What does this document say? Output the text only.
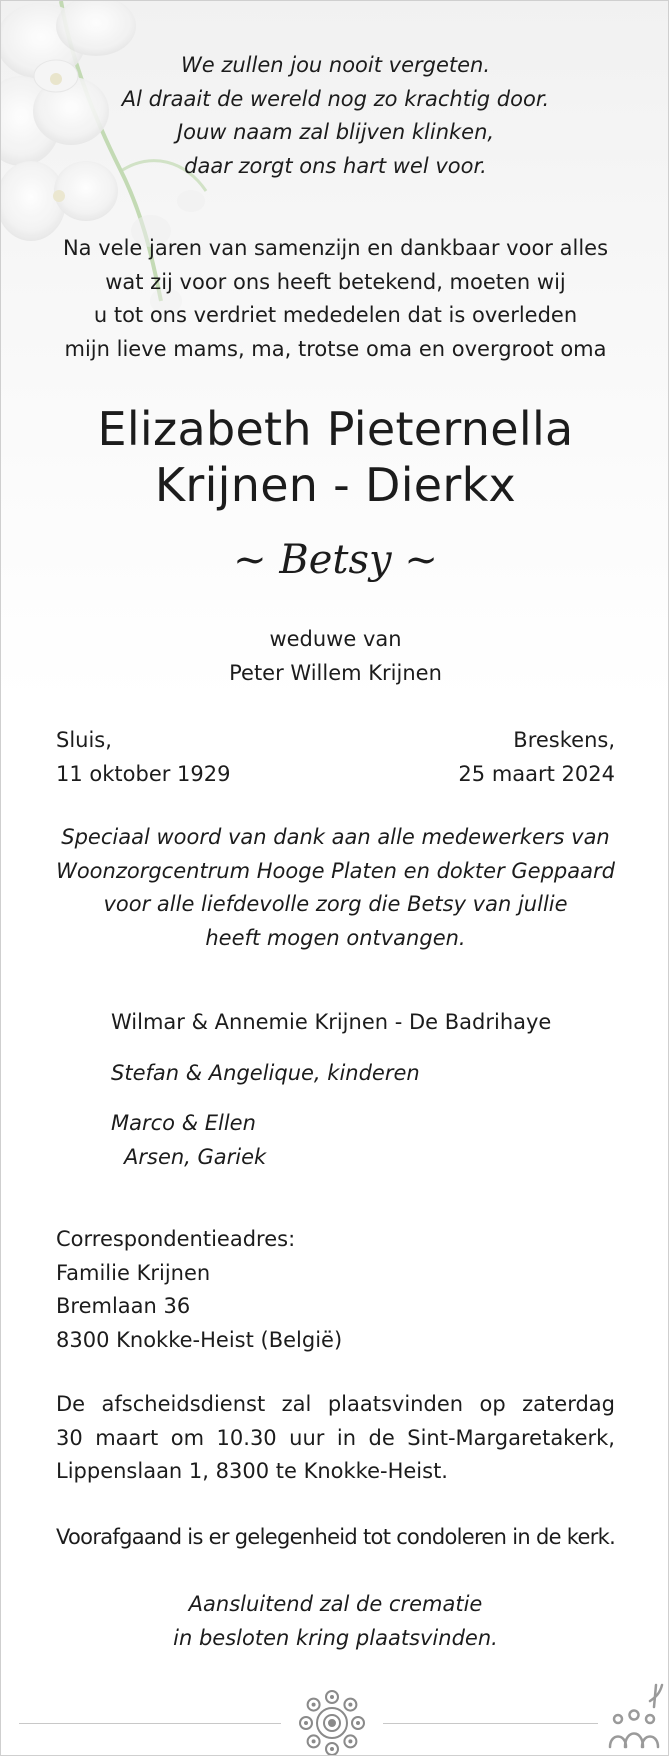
We zullen jou nooit vergeten.
Al draait de wereld nog zo krachtig door.
Jouw naam zal blijven klinken,
daar zorgt ons hart wel voor.
Na vele jaren van samenzijn en dankbaar voor alles
wat zij voor ons heeft betekend, moeten wij
u tot ons verdriet mededelen dat is overleden
mijn lieve mams, ma, trotse oma en overgroot oma
Elizabeth Pieternella
Krijnen - Dierkx
~ Betsy ~
weduwe van
Peter Willem Krijnen
Sluis,
11 oktober 1929
Breskens,
25 maart 2024
Speciaal woord van dank aan alle medewerkers van
Woonzorgcentrum Hooge Platen en dokter Geppaard
voor alle liefdevolle zorg die Betsy van jullie
heeft mogen ontvangen.
Wilmar & Annemie Krijnen - De Badrihaye
Stefan & Angelique, kinderen
Marco & Ellen
Arsen, Gariek
Correspondentieadres:
Familie Krijnen
Bremlaan 36
8300 Knokke-Heist (België)
De afscheidsdienst zal plaatsvinden op zaterdag
30 maart om 10.30 uur in de Sint-Margaretakerk,
Lippenslaan 1, 8300 te Knokke-Heist.
Voorafgaand is er gelegenheid tot condoleren in de kerk.
Aansluitend zal de crematie
in besloten kring plaatsvinden.
